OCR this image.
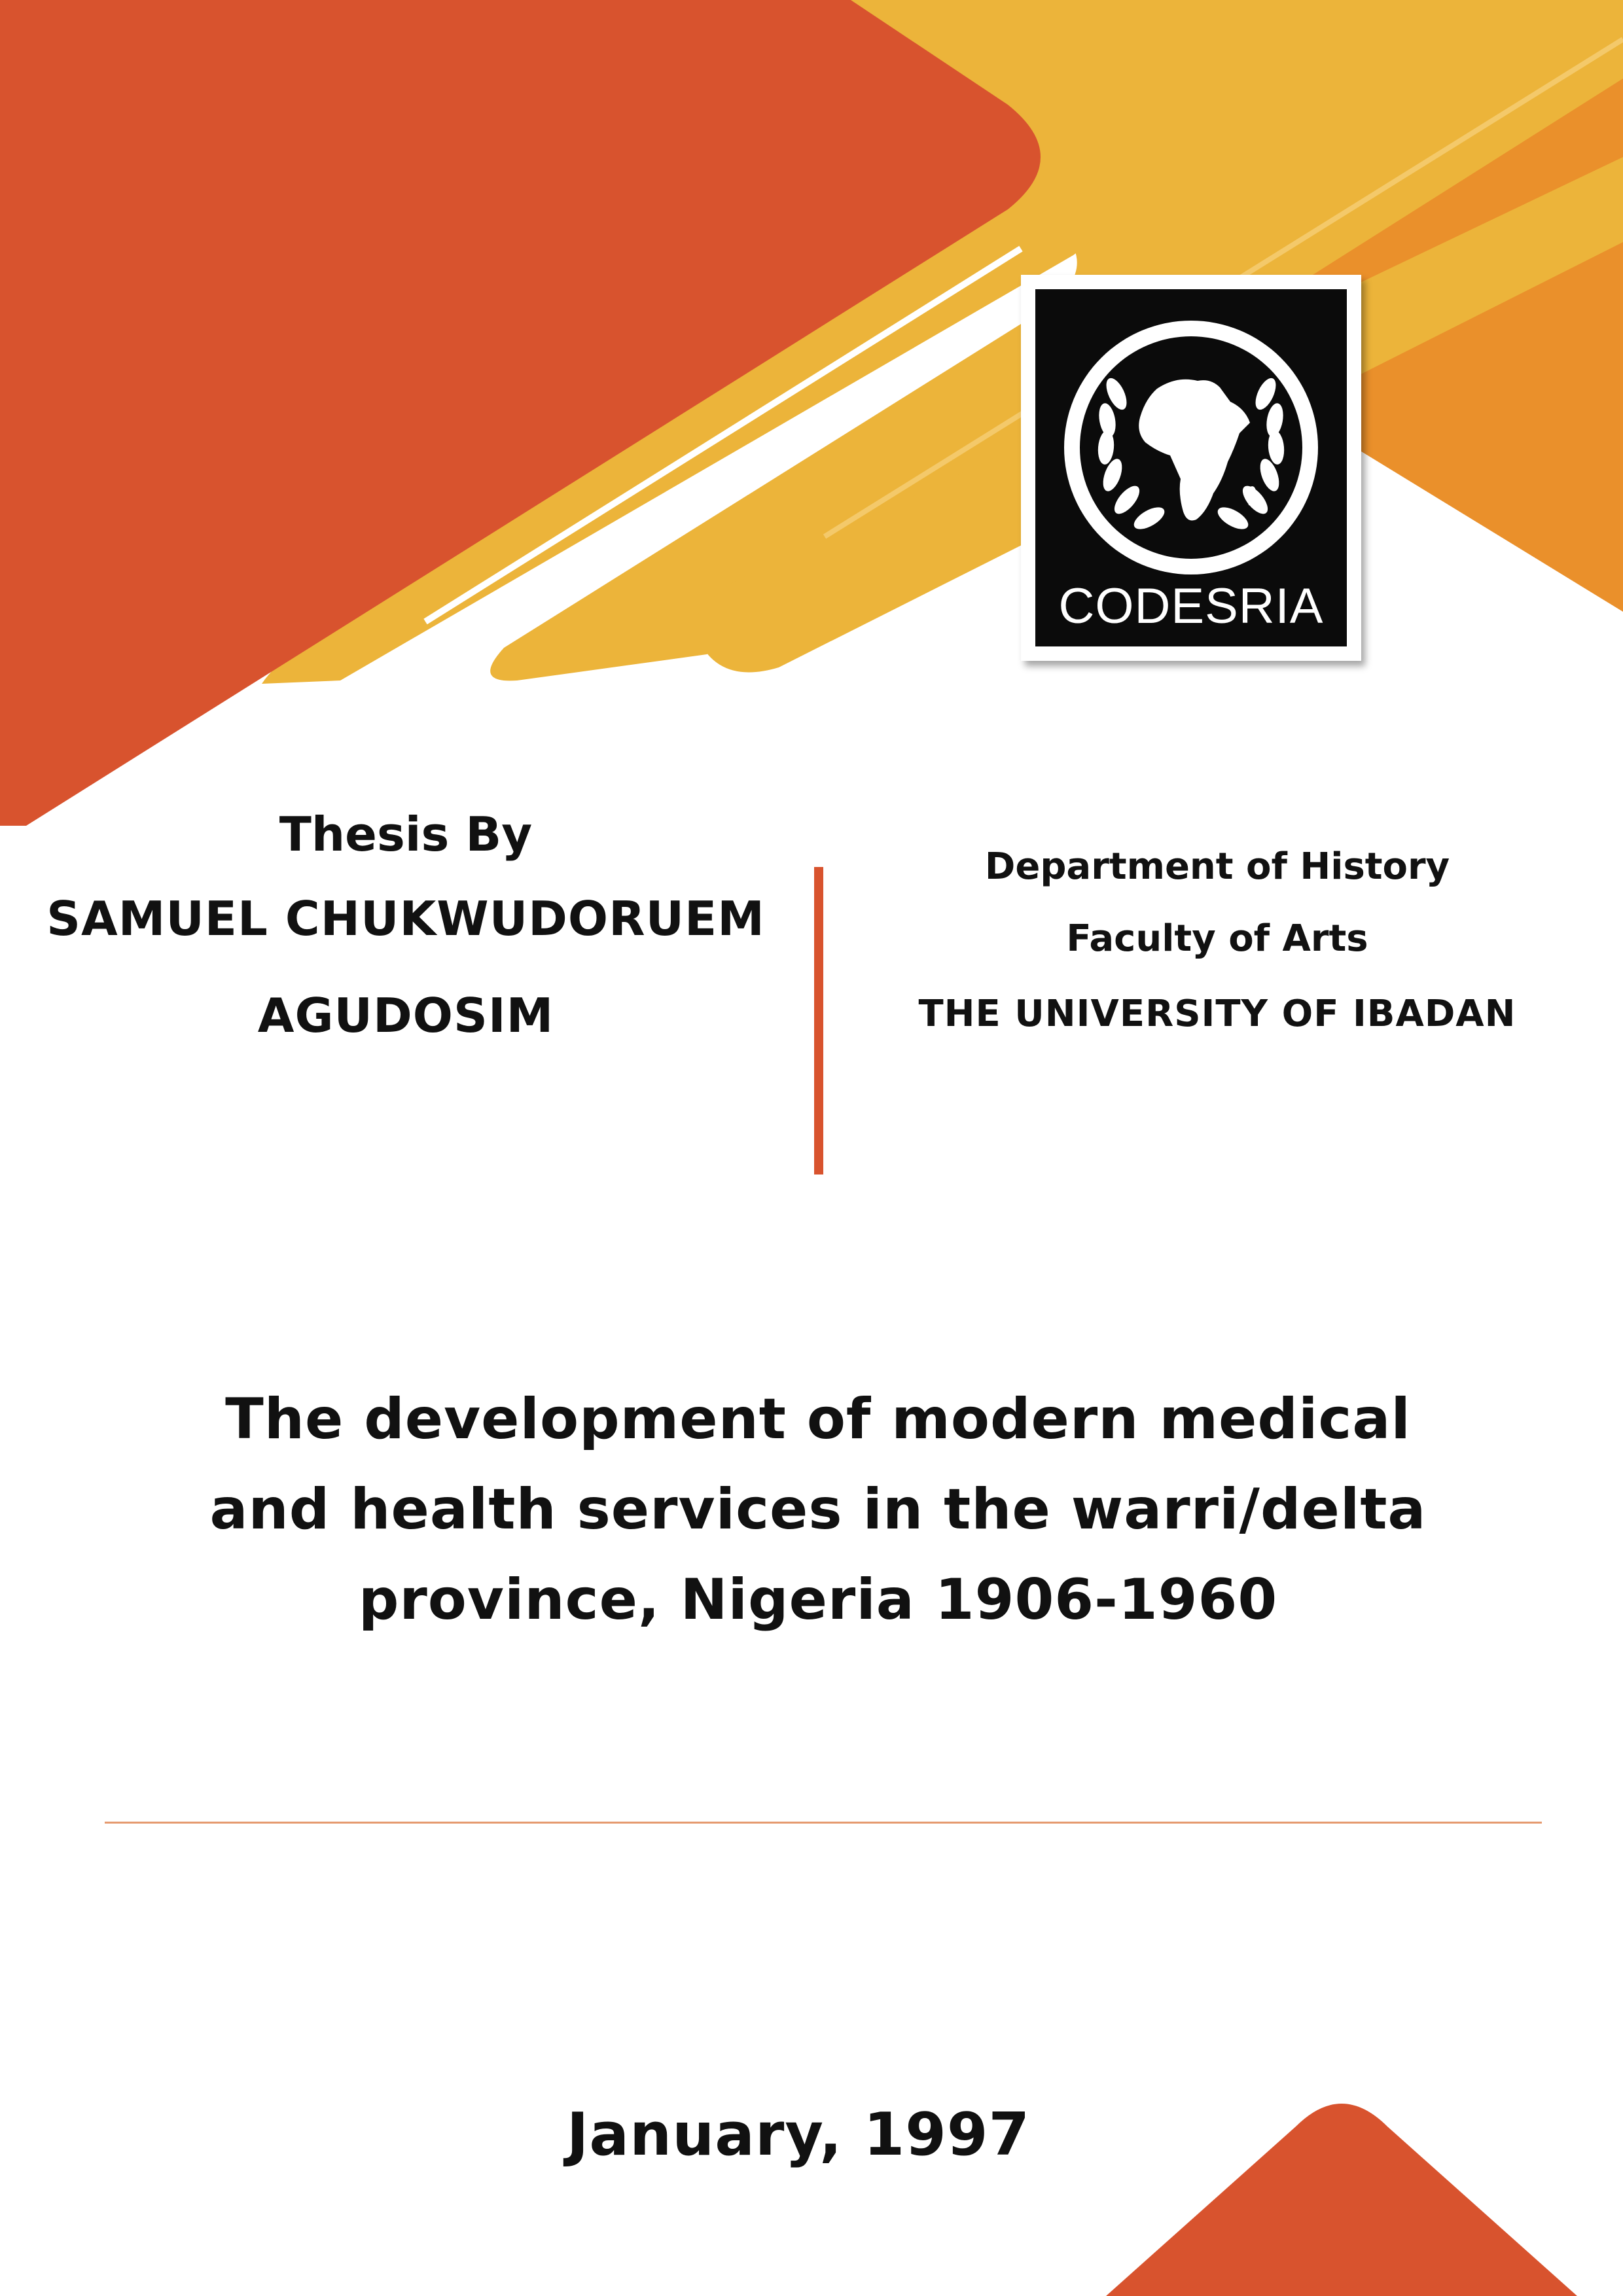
CODESRIA
Thesis By
SAMUEL CHUKWUDORUEM
AGUDOSIM
Department of History
Faculty of Arts
THE UNIVERSITY OF IBADAN
The development of modern medical
and health services in the warri/delta
province, Nigeria 1906-1960
January, 1997
